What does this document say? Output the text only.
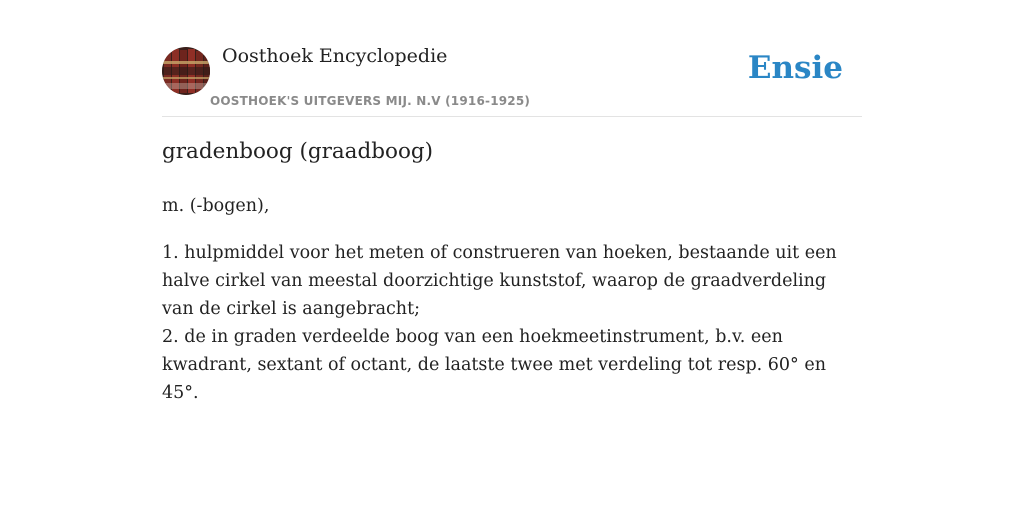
Oosthoek Encyclopedie
OOSTHOEK'S UITGEVERS MIJ. N.V (1916-1925)
Ensie
gradenboog (graadboog)

m. (-bogen),

1. hulpmiddel voor het meten of construeren van hoeken, bestaande uit een halve cirkel van meestal doorzichtige kunststof, waarop de graadverdeling van de cirkel is aangebracht;
2. de in graden verdeelde boog van een hoekmeetinstrument, b.v. een kwadrant, sextant of octant, de laatste twee met verdeling tot resp. 60° en 45°.
